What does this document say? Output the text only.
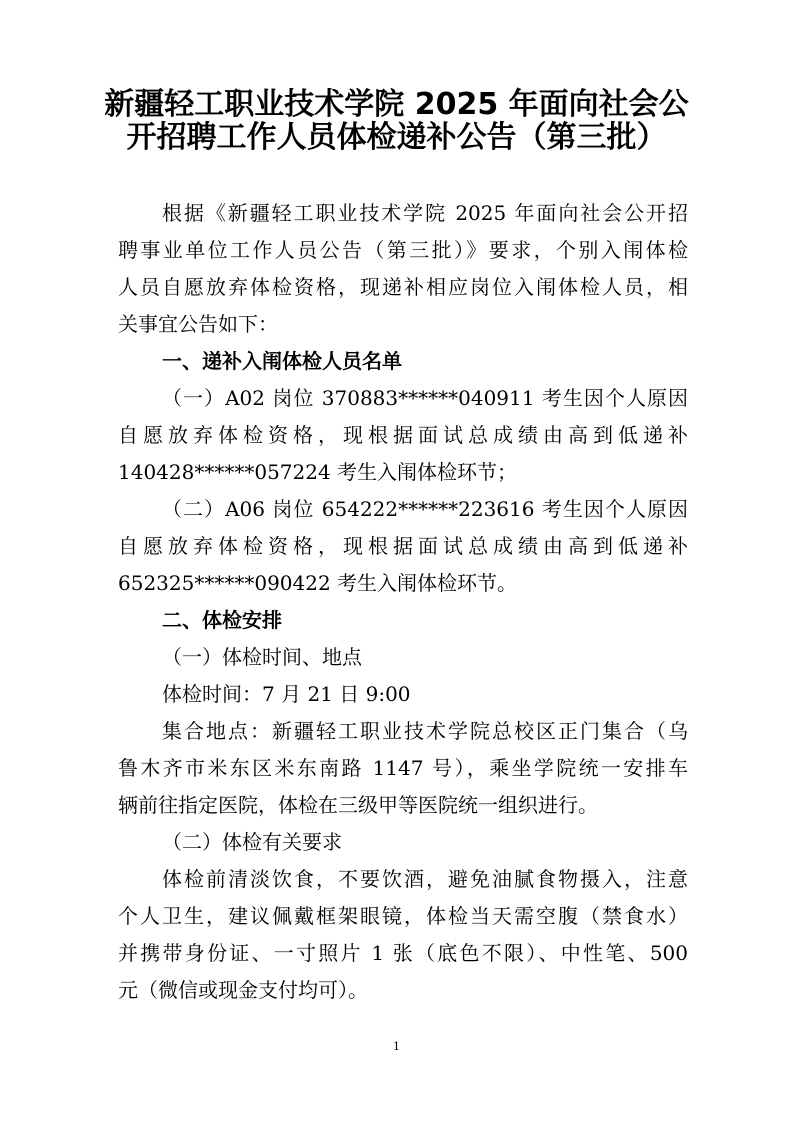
新疆轻工职业技术学院 2025 年面向社会公
开招聘工作人员体检递补公告（第三批）
根据《新疆轻工职业技术学院 2025 年面向社会公开招
聘事业单位工作人员公告（第三批）》要求，个别入闱体检
人员自愿放弃体检资格，现递补相应岗位入闱体检人员，相
关事宜公告如下：
一、递补入闱体检人员名单
（一）A02 岗位 370883******040911 考生因个人原因
自愿放弃体检资格，现根据面试总成绩由高到低递补
140428******057224 考生入闱体检环节；
（二）A06 岗位 654222******223616 考生因个人原因
自愿放弃体检资格，现根据面试总成绩由高到低递补
652325******090422 考生入闱体检环节。
二、体检安排
（一）体检时间、地点
体检时间：7 月 21 日 9:00
集合地点：新疆轻工职业技术学院总校区正门集合（乌
鲁木齐市米东区米东南路 1147 号），乘坐学院统一安排车
辆前往指定医院，体检在三级甲等医院统一组织进行。
（二）体检有关要求
体检前清淡饮食，不要饮酒，避免油腻食物摄入，注意
个人卫生，建议佩戴框架眼镜，体检当天需空腹（禁食水）
并携带身份证、一寸照片 1 张（底色不限）、中性笔、500
元（微信或现金支付均可）。
1
